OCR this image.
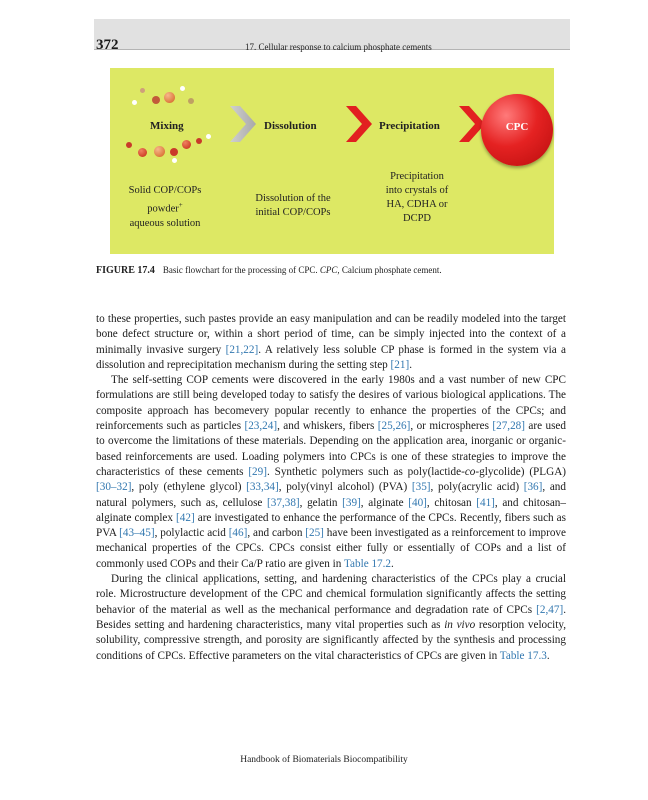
372	17. Cellular response to calcium phosphate cements
Mixing	Dissolution	Precipitation
Solid COP/COPs
powder+
aqueous solution
Dissolution of the
initial COP/COPs
Precipitation
into crystals of
HA, CDHA or
DCPD
CPC
FIGURE 17.4 Basic flowchart for the processing of CPC. CPC, Calcium phosphate cement.

to these properties, such pastes provide an easy manipulation and can be readily modeled into the target bone defect structure or, within a short period of time, can be simply injected into the context of a minimally invasive surgery [21,22]. A relatively less soluble CP phase is formed in the system via a dissolution and reprecipitation mechanism during the setting step [21].

The self-setting COP cements were discovered in the early 1980s and a vast number of new CPC formulations are still being developed today to satisfy the desires of various biological applications. The composite approach has becomevery popular recently to enhance the properties of the CPCs; and reinforcements such as particles [23,24], and whiskers, fibers [25,26], or microspheres [27,28] are used to overcome the limitations of these materials. Depending on the application area, inorganic or organic-based reinforcements are used. Loading polymers into CPCs is one of these strategies to improve the characteristics of these cements [29]. Synthetic polymers such as poly(lactide-co-glycolide) (PLGA) [30–32], poly (ethylene glycol) [33,34], poly(vinyl alcohol) (PVA) [35], poly(acrylic acid) [36], and natural polymers, such as, cellulose [37,38], gelatin [39], alginate [40], chitosan [41], and chitosan–alginate complex [42] are investigated to enhance the performance of the CPCs. Recently, fibers such as PVA [43–45], polylactic acid [46], and carbon [25] have been investigated as a reinforcement to improve mechanical properties of the CPCs. CPCs consist either fully or essentially of COPs and a list of commonly used COPs and their Ca/P ratio are given in Table 17.2.

During the clinical applications, setting, and hardening characteristics of the CPCs play a crucial role. Microstructure development of the CPC and chemical formulation significantly affects the setting behavior of the material as well as the mechanical performance and degradation rate of CPCs [2,47]. Besides setting and hardening characteristics, many vital properties such as in vivo resorption velocity, solubility, compressive strength, and porosity are significantly affected by the synthesis and processing conditions of CPCs. Effective parameters on the vital characteristics of CPCs are given in Table 17.3.

Handbook of Biomaterials Biocompatibility
